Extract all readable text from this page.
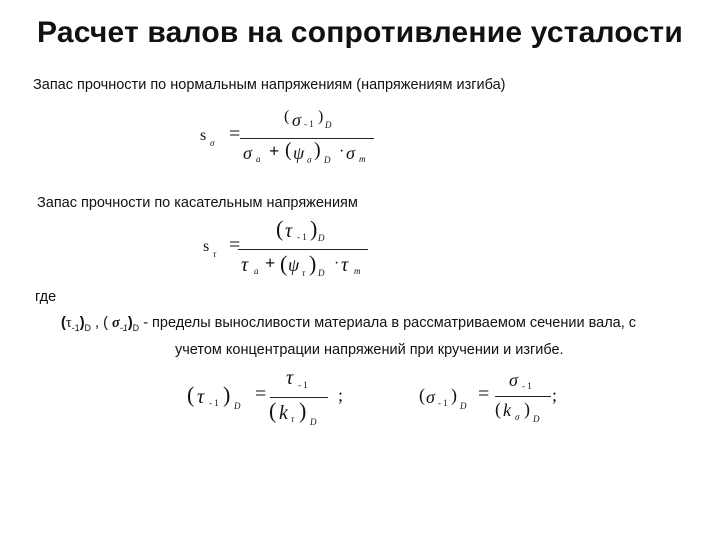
Расчет валов на сопротивление усталости
Запас прочности по нормальным напряжениям (напряжениям изгиба)
s σ =
( σ - 1 ) D
σ a + ( ψ σ ) D · σ m
Запас прочности по касательным напряжениям
s τ =
( τ - 1 ) D
τ a + ( ψ τ ) D
· τ m
где
$(\tau_{-1})_D$ , ( $\sigma_{-1})_D$ - пределы выносливости материала в рассматриваемом сечении вала, с
учетом концентрации напряжений при кручении и изгибе.
( τ - 1 ) D
=
τ - 1
( k τ ) D
;	( σ - 1 )
D
=
σ - 1
( k σ ) D
;
